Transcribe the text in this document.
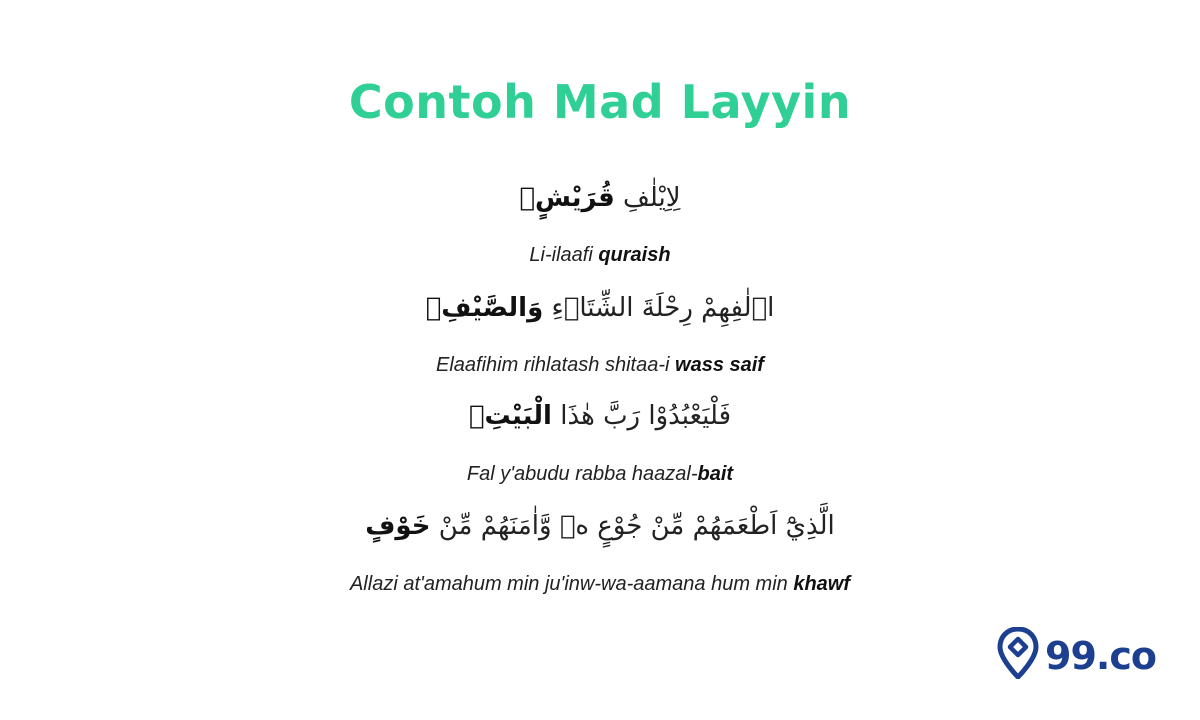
Contoh Mad Layyin
لِاِيْلٰفِ قُرَيْشٍۙ
Li-ilaafi quraish
اٖلٰفِهِمْ رِحْلَةَ الشِّتَاۤءِ وَالصَّيْفِۚ
Elaafihim rihlatash shitaa-i wass saif
فَلْيَعْبُدُوْا رَبَّ هٰذَا الْبَيْتِۙ
Fal y'abudu rabba haazal-bait
الَّذِيْٓ اَطْعَمَهُمْ مِّنْ جُوْعٍ ەۙ وَّاٰمَنَهُمْ مِّنْ خَوْفٍ
Allazi at'amahum min ju'inw-wa-aamana hum min khawf
99.co
